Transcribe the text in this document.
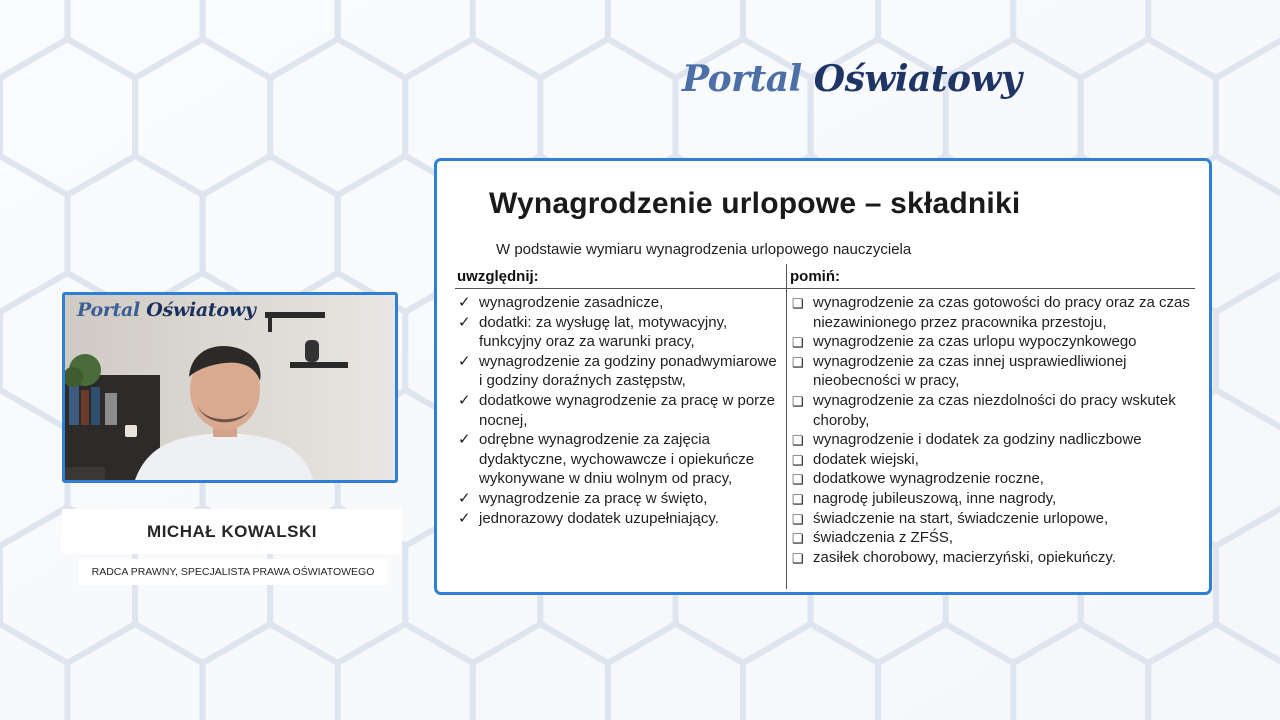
Portal Oświatowy
Wynagrodzenie urlopowe – składniki
W podstawie wymiaru wynagrodzenia urlopowego nauczyciela
uwzględnij:	pomiń:
✓ wynagrodzenie zasadnicze,
✓ dodatki: za wysługę lat, motywacyjny, funkcyjny oraz za warunki pracy,
✓ wynagrodzenie za godziny ponadwymiarowe i godziny doraźnych zastępstw,
✓ dodatkowe wynagrodzenie za pracę w porze nocnej,
✓ odrębne wynagrodzenie za zajęcia dydaktyczne, wychowawcze i opiekuńcze wykonywane w dniu wolnym od pracy,
✓ wynagrodzenie za pracę w święto,
✓ jednorazowy dodatek uzupełniający.
❑ wynagrodzenie za czas gotowości do pracy oraz za czas niezawinionego przez pracownika przestoju,
❑ wynagrodzenie za czas urlopu wypoczynkowego
❑ wynagrodzenie za czas innej usprawiedliwionej nieobecności w pracy,
❑ wynagrodzenie za czas niezdolności do pracy wskutek choroby,
❑ wynagrodzenie i dodatek za godziny nadliczbowe
❑ dodatek wiejski,
❑ dodatkowe wynagrodzenie roczne,
❑ nagrodę jubileuszową, inne nagrody,
❑ świadczenie na start, świadczenie urlopowe,
❑ świadczenia z ZFŚS,
❑ zasiłek chorobowy, macierzyński, opiekuńczy.
Portal Oświatowy
MICHAŁ KOWALSKI
RADCA PRAWNY, SPECJALISTA PRAWA OŚWIATOWEGO
